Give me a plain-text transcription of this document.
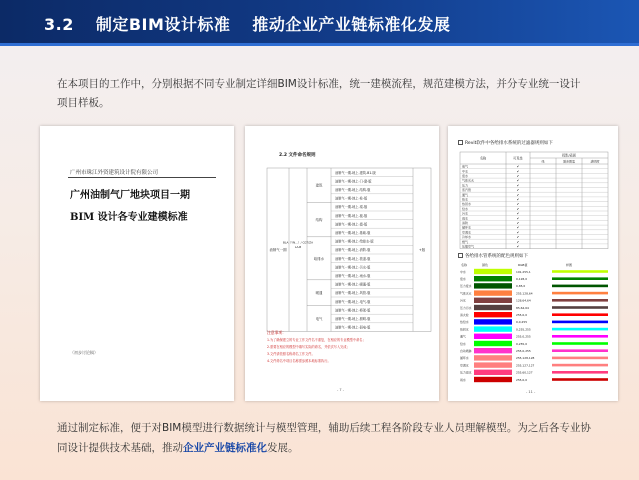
3.2 制定BIM设计标准 推动企业产业链标准化发展
在本项目的工作中，分别根据不同专业制定详细BIM设计标准，统一建模流程，规范建模方法，并分专业统一设计项目样板。
广州市珠江外资建筑设计院有限公司
广州油制气厂地块项目一期
BIM 设计各专业建模标准
（初步讨论稿）
2.2 文件命名规则
油制气一期-地上-建筑-B1-版
油制气一期-地上-门-窗-版
油制气一期-地上-结构-版
油制气一期-地上-柱-版
油制气一期-地上-梁-版
油制气一期-地上-板-版
油制气一期-地上-墙-版
油制气一期-地上-基础-版
油制气一期-地上-给排水-版
油制气一期-地上-消防-版
油制气一期-地上-管道-版
油制气一期-地上-污水-版
油制气一期-地上-雨水-版
油制气一期-地上-暖通-版
油制气一期-地上-风管-版
油制气一期-地上-电气-版
油制气一期-地上-桥架-版
油制气一期-地上-照明-版
油制气一期-地上-弱电-版
建筑
结构
给排水
暖通
电气
油制气一期
BLA（YN…）/ CGT/ZA LA-B
+版
注意事项：
1.为了确保建立的专业工作文件名不重复，在相应的专业模型中命名；
2.需要在相应的模型中填写实际的命名，并依次写入完成；
3.文件请依照名称命名工作文件。
4.文件命名中项目名称需参照本地标准执行。
- 7 -
Revit软件中各给排水系统的过滤器规则如下
名称	可见性
投影/表面
线	填充图案	透明度
废气	✔
中水	✔
废水	✔
气体灭火	✔
压力	✔
蒸汽管	✔
通气	✔
热水	✔
热回水	✔
给水	✔
污水	✔
雨水	✔
消防	✔
循环水	✔
空调水	✔
冷却水	✔
燃气	✔
压缩空气	✔
各给排水管系统的配色规则如下
名称	颜色	RGB值	样图
中水	191,255,1
废水	0,128,0
压力废水	0,85,0
气体灭火	255,128,64
污水	128,64,64
压力污水	85,64,64
消火栓	255,0,0
热给水	0,0,255
热回水	0,255,255
通气	255,0,255
给水	0,255,0
自动喷淋	255,0,255
循环水	255,128,128
空调水	255,127,127
压力雨水	255,60,127
雨水	255,0,0
- 11 -
通过制定标准，便于对BIM模型进行数据统计与模型管理，辅助后续工程各阶段专业人员理解模型。为之后各专业协同设计提供技术基础，推动企业产业链标准化发展。
